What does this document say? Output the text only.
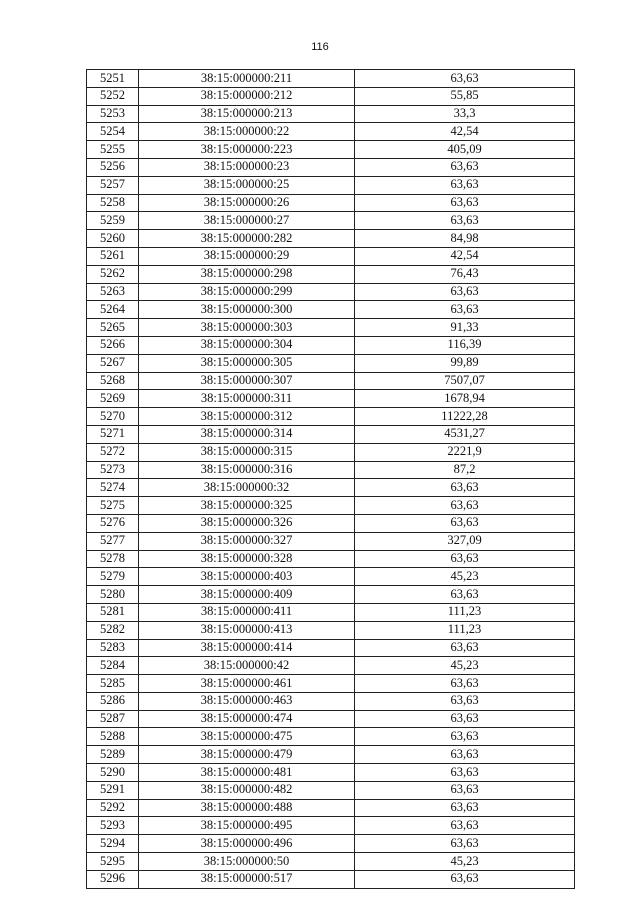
116
5251	38:15:000000:211	63,63
5252	38:15:000000:212	55,85
5253	38:15:000000:213	33,3
5254	38:15:000000:22	42,54
5255	38:15:000000:223	405,09
5256	38:15:000000:23	63,63
5257	38:15:000000:25	63,63
5258	38:15:000000:26	63,63
5259	38:15:000000:27	63,63
5260	38:15:000000:282	84,98
5261	38:15:000000:29	42,54
5262	38:15:000000:298	76,43
5263	38:15:000000:299	63,63
5264	38:15:000000:300	63,63
5265	38:15:000000:303	91,33
5266	38:15:000000:304	116,39
5267	38:15:000000:305	99,89
5268	38:15:000000:307	7507,07
5269	38:15:000000:311	1678,94
5270	38:15:000000:312	11222,28
5271	38:15:000000:314	4531,27
5272	38:15:000000:315	2221,9
5273	38:15:000000:316	87,2
5274	38:15:000000:32	63,63
5275	38:15:000000:325	63,63
5276	38:15:000000:326	63,63
5277	38:15:000000:327	327,09
5278	38:15:000000:328	63,63
5279	38:15:000000:403	45,23
5280	38:15:000000:409	63,63
5281	38:15:000000:411	111,23
5282	38:15:000000:413	111,23
5283	38:15:000000:414	63,63
5284	38:15:000000:42	45,23
5285	38:15:000000:461	63,63
5286	38:15:000000:463	63,63
5287	38:15:000000:474	63,63
5288	38:15:000000:475	63,63
5289	38:15:000000:479	63,63
5290	38:15:000000:481	63,63
5291	38:15:000000:482	63,63
5292	38:15:000000:488	63,63
5293	38:15:000000:495	63,63
5294	38:15:000000:496	63,63
5295	38:15:000000:50	45,23
5296	38:15:000000:517	63,63
